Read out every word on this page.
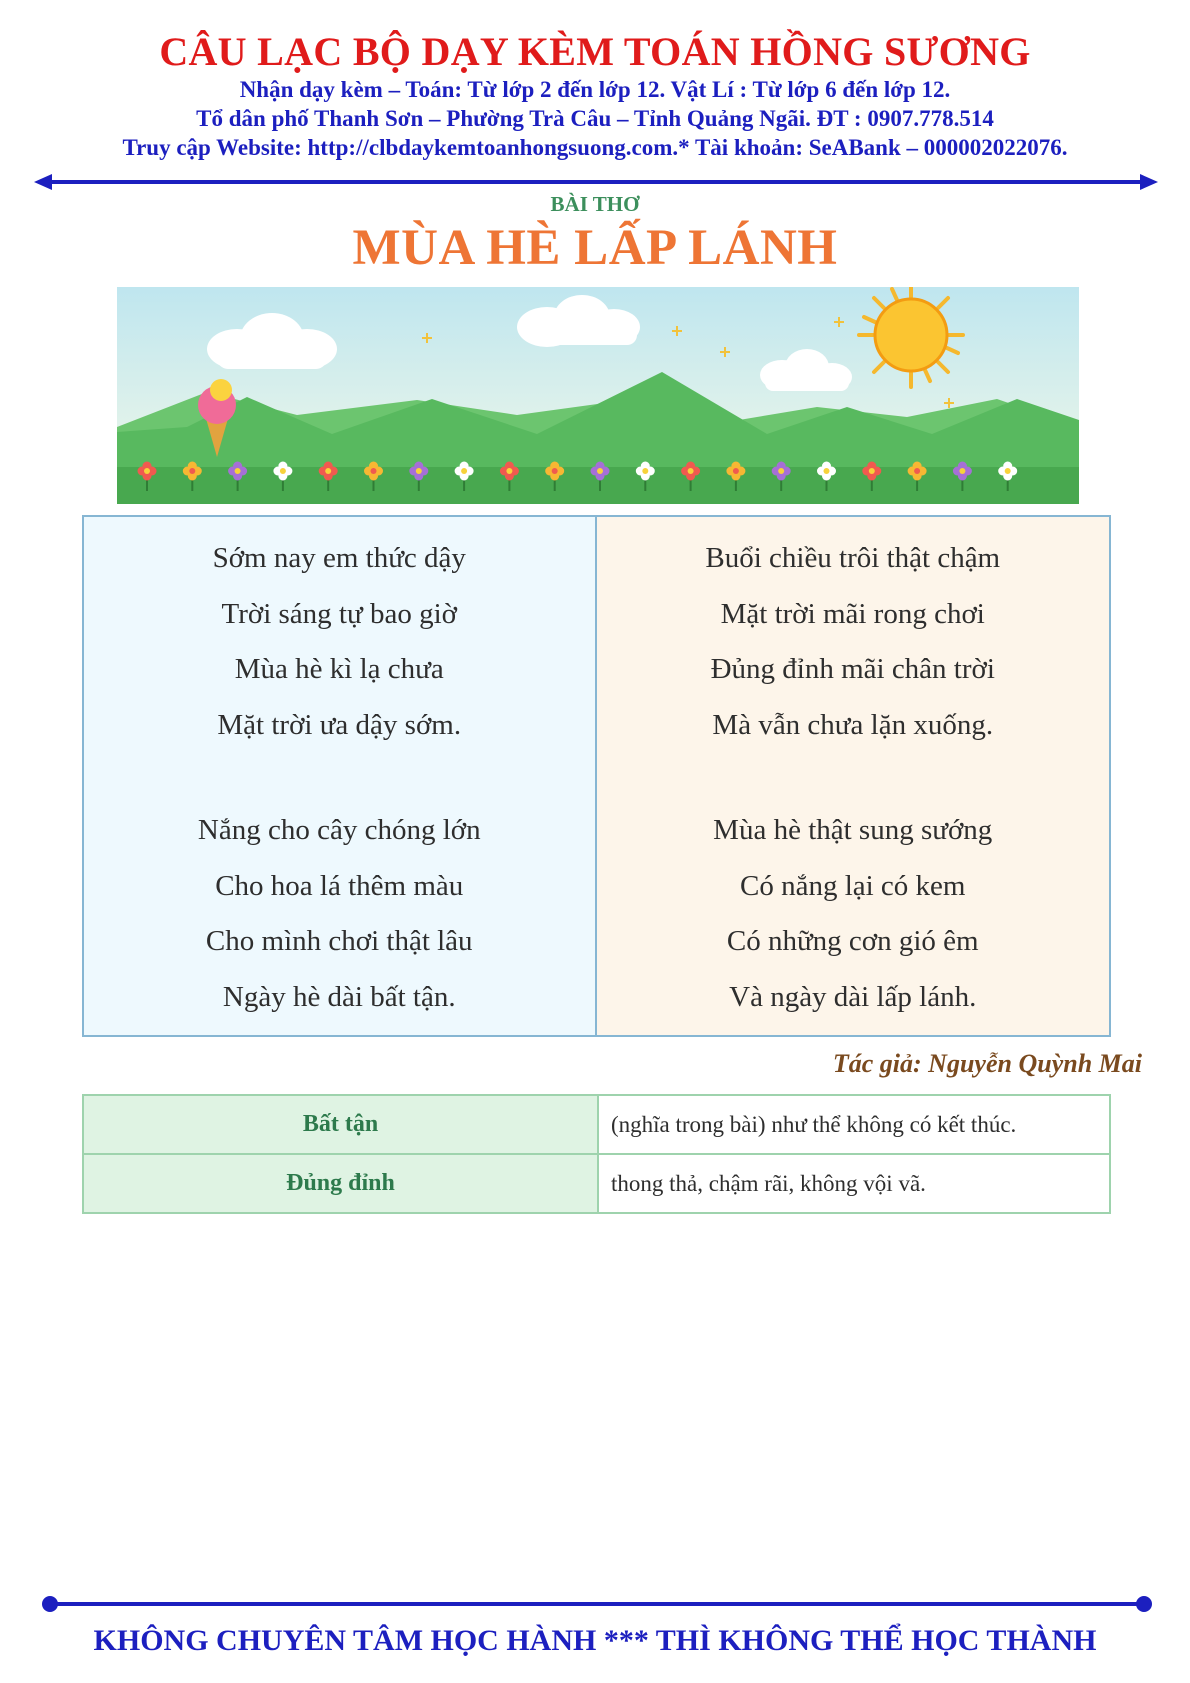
CÂU LẠC BỘ DẠY KÈM TOÁN HỒNG SƯƠNG
Nhận dạy kèm – Toán: Từ lớp 2 đến lớp 12. Vật Lí : Từ lớp 6 đến lớp 12.
Tổ dân phố Thanh Sơn – Phường Trà Câu – Tỉnh Quảng Ngãi. ĐT : 0907.778.514
Truy cập Website: http://clbdaykemtoanhongsuong.com.* Tài khoản: SeABank – 000002022076.
BÀI THƠ
MÙA HÈ LẤP LÁNH
Sớm nay em thức dậy
Trời sáng tự bao giờ
Mùa hè kì lạ chưa
Mặt trời ưa dậy sớm.
Nắng cho cây chóng lớn
Cho hoa lá thêm màu
Cho mình chơi thật lâu
Ngày hè dài bất tận.
Buổi chiều trôi thật chậm
Mặt trời mãi rong chơi
Đủng đỉnh mãi chân trời
Mà vẫn chưa lặn xuống.
Mùa hè thật sung sướng
Có nắng lại có kem
Có những cơn gió êm
Và ngày dài lấp lánh.
Tác giả: Nguyễn Quỳnh Mai
Bất tận	(nghĩa trong bài) như thể không có kết thúc.
Đủng đỉnh	thong thả, chậm rãi, không vội vã.
KHÔNG CHUYÊN TÂM HỌC HÀNH *** THÌ KHÔNG THỂ HỌC THÀNH
